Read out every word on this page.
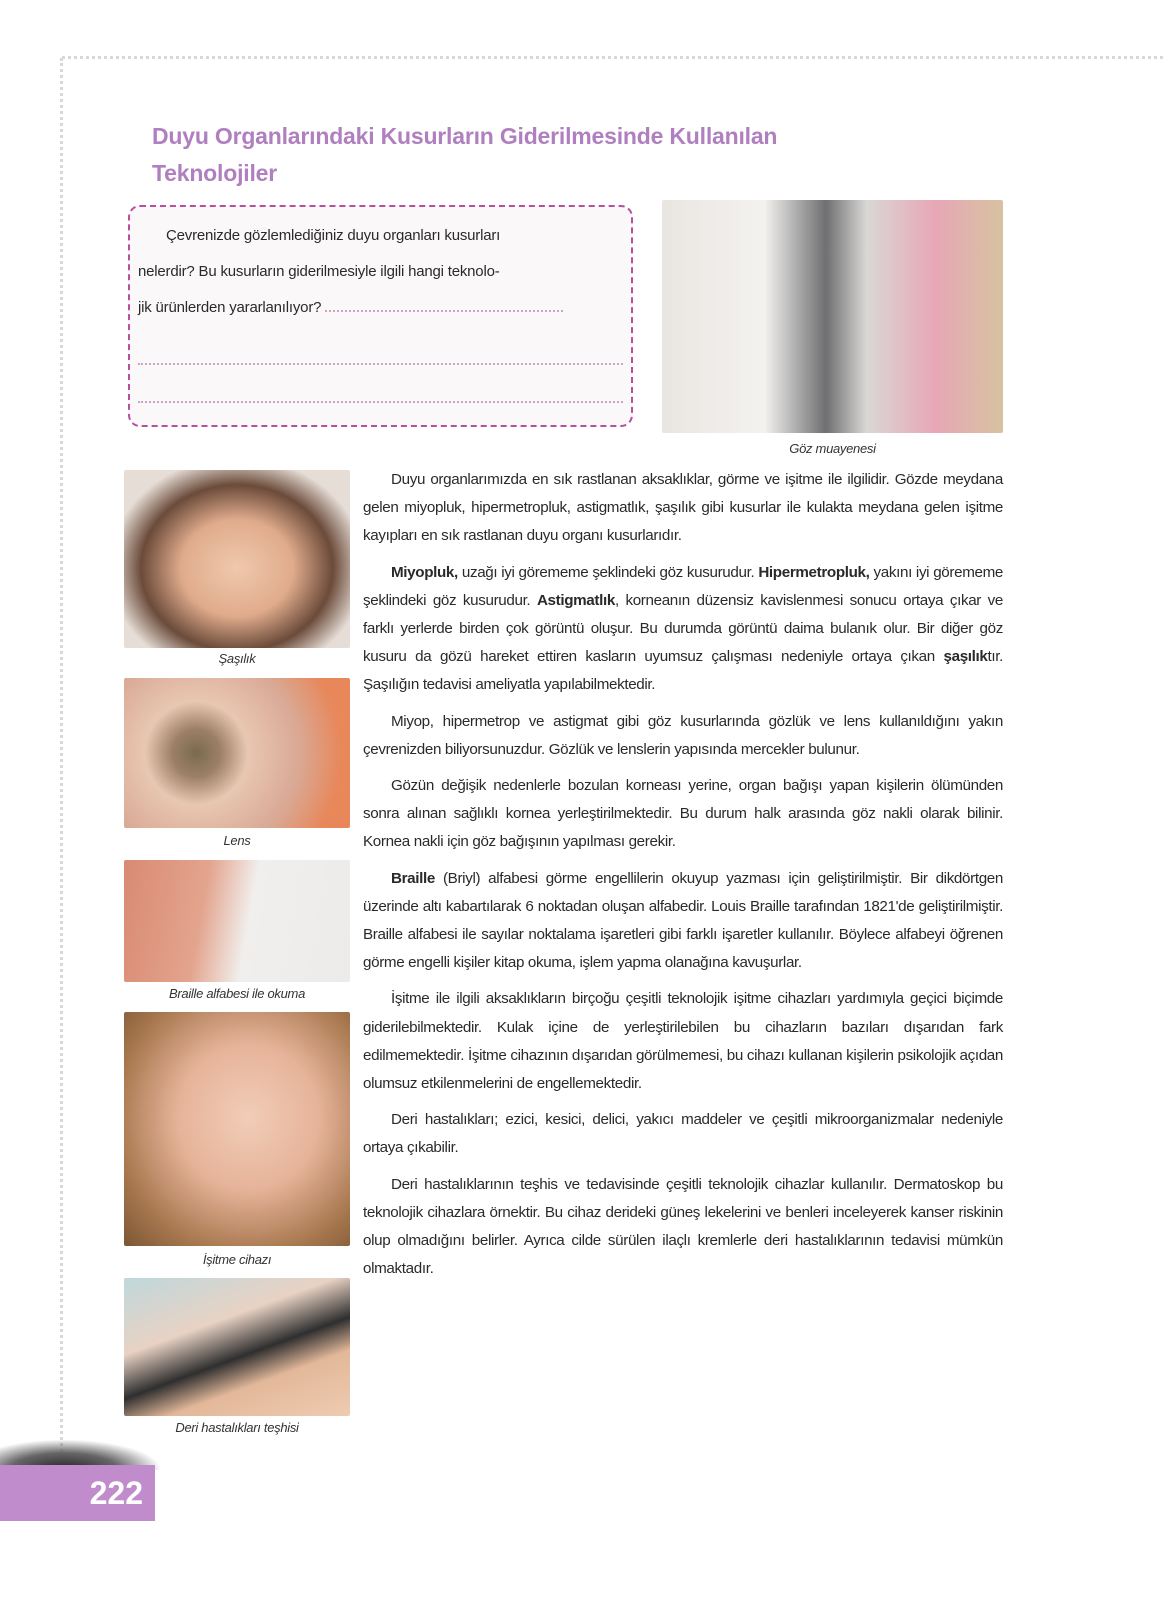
Duyu Organlarındaki Kusurların Giderilmesinde Kullanılan
Teknolojiler
Çevrenizde gözlemlediğiniz duyu organları kusurları
nelerdir? Bu kusurların giderilmesiyle ilgili hangi teknolo-
jik ürünlerden yararlanılıyor?
Göz muayenesi
Şaşılık
Lens
Braille alfabesi ile okuma
İşitme cihazı
Deri hastalıkları teşhisi

Duyu organlarımızda en sık rastlanan aksaklıklar, görme ve işitme ile ilgilidir. Gözde meydana gelen miyopluk, hipermetropluk, astigmatlık, şaşılık gibi kusurlar ile kulakta meydana gelen işitme kayıpları en sık rastlanan duyu organı kusurlarıdır.

Miyopluk, uzağı iyi görememe şeklindeki göz kusurudur. Hipermetropluk, yakını iyi görememe şeklindeki göz kusurudur. Astigmatlık, korneanın düzensiz kavislenmesi sonucu ortaya çıkar ve farklı yerlerde birden çok görüntü oluşur. Bu durumda görüntü daima bulanık olur. Bir diğer göz kusuru da gözü hareket ettiren kasların uyumsuz çalışması nedeniyle ortaya çıkan şaşılıktır. Şaşılığın tedavisi ameliyatla yapılabilmektedir.

Miyop, hipermetrop ve astigmat gibi göz kusurlarında gözlük ve lens kullanıldığını yakın çevrenizden biliyorsunuzdur. Gözlük ve lenslerin yapısında mercekler bulunur.

Gözün değişik nedenlerle bozulan korneası yerine, organ bağışı yapan kişilerin ölümünden sonra alınan sağlıklı kornea yerleştirilmektedir. Bu durum halk arasında göz nakli olarak bilinir. Kornea nakli için göz bağışının yapılması gerekir.

Braille (Briyl) alfabesi görme engellilerin okuyup yazması için geliştirilmiştir. Bir dikdörtgen üzerinde altı kabartılarak 6 noktadan oluşan alfabedir. Louis Braille tarafından 1821'de geliştirilmiştir. Braille alfabesi ile sayılar noktalama işaretleri gibi farklı işaretler kullanılır. Böylece alfabeyi öğrenen görme engelli kişiler kitap okuma, işlem yapma olanağına kavuşurlar.

İşitme ile ilgili aksaklıkların birçoğu çeşitli teknolojik işitme cihazları yardımıyla geçici biçimde giderilebilmektedir. Kulak içine de yerleştirilebilen bu cihazların bazıları dışarıdan fark edilmemektedir. İşitme cihazının dışarıdan görülmemesi, bu cihazı kullanan kişilerin psikolojik açıdan olumsuz etkilenmelerini de engellemektedir.

Deri hastalıkları; ezici, kesici, delici, yakıcı maddeler ve çeşitli mikroorganizmalar nedeniyle ortaya çıkabilir.

Deri hastalıklarının teşhis ve tedavisinde çeşitli teknolojik cihazlar kullanılır. Dermatoskop bu teknolojik cihazlara örnektir. Bu cihaz derideki güneş lekelerini ve benleri inceleyerek kanser riskinin olup olmadığını belirler. Ayrıca cilde sürülen ilaçlı kremlerle deri hastalıklarının tedavisi mümkün olmaktadır.

222
